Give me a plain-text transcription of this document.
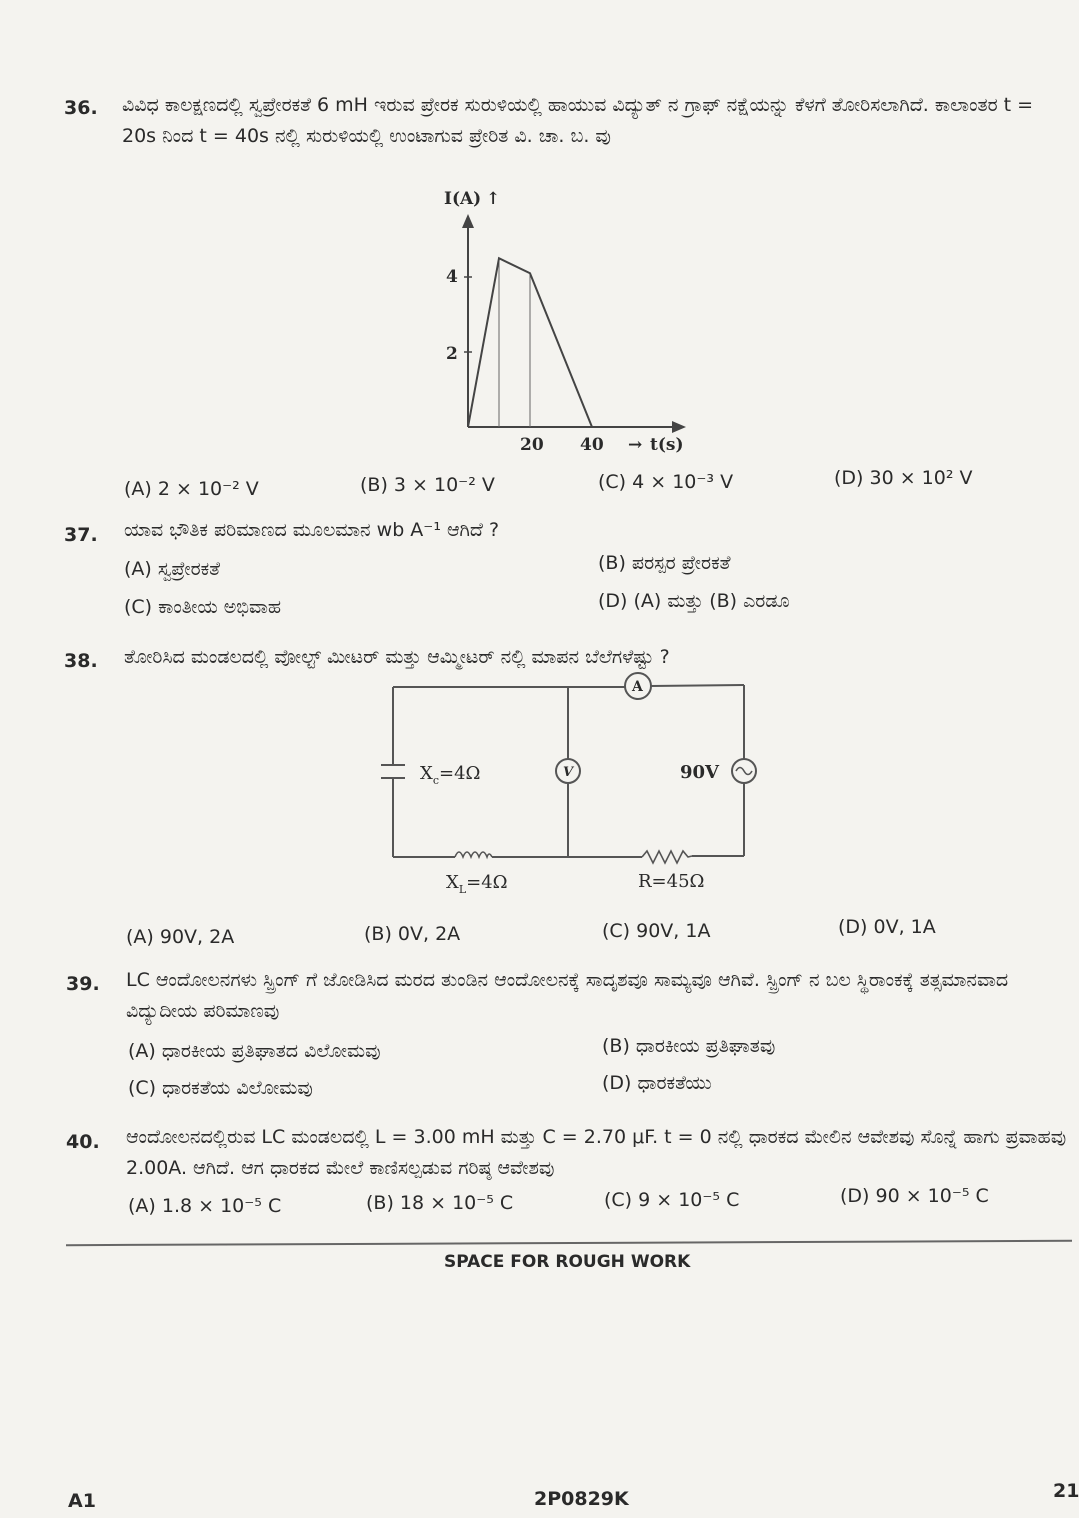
36. ವಿವಿಧ ಕಾಲಕ್ಷಣದಲ್ಲಿ ಸ್ವಪ್ರೇರಕತೆ 6 mH ಇರುವ ಪ್ರೇರಕ ಸುರುಳಿಯಲ್ಲಿ ಹಾಯುವ ವಿದ್ಯುತ್ ನ ಗ್ರಾಫ್ ನಕ್ಷೆಯನ್ನು ಕೆಳಗೆ ತೋರಿಸಲಾಗಿದೆ. ಕಾಲಾಂತರ t = 20s ನಿಂದ t = 40s ನಲ್ಲಿ ಸುರುಳಿಯಲ್ಲಿ ಉಂಟಾಗುವ ಪ್ರೇರಿತ ವಿ. ಚಾ. ಬ. ವು
I(A) ↑
4
2
20 40 → t(s)
(A) 2 × 10⁻² V	(B) 3 × 10⁻² V	(C) 4 × 10⁻³ V	(D) 30 × 10² V
37. ಯಾವ ಭೌತಿಕ ಪರಿಮಾಣದ ಮೂಲಮಾನ wb A⁻¹ ಆಗಿದೆ ?
(A) ಸ್ವಪ್ರೇರಕತೆ	(B) ಪರಸ್ಪರ ಪ್ರೇರಕತೆ
(C) ಕಾಂತೀಯ ಅಭಿವಾಹ	(D) (A) ಮತ್ತು (B) ಎರಡೂ
38. ತೋರಿಸಿದ ಮಂಡಲದಲ್ಲಿ ವೋಲ್ಟ್ ಮೀಟರ್ ಮತ್ತು ಆಮ್ಮೀಟರ್ ನಲ್ಲಿ ಮಾಪನ ಬೆಲೆಗಳೆಷ್ಟು ?
A
V
$X_c=4\Omega$	90V
$X_L=4\Omega$	R=45Ω
(A) 90V, 2A	(B) 0V, 2A	(C) 90V, 1A	(D) 0V, 1A
39. LC ಆಂದೋಲನಗಳು ಸ್ಪ್ರಿಂಗ್ ಗೆ ಜೋಡಿಸಿದ ಮರದ ತುಂಡಿನ ಆಂದೋಲನಕ್ಕೆ ಸಾದೃಶವೂ ಸಾಮ್ಯವೂ ಆಗಿವೆ. ಸ್ಪ್ರಿಂಗ್ ನ ಬಲ ಸ್ಥಿರಾಂಕಕ್ಕೆ ತತ್ಸಮಾನವಾದ ವಿದ್ಯುದೀಯ ಪರಿಮಾಣವು
(A) ಧಾರಕೀಯ ಪ್ರತಿಘಾತದ ವಿಲೋಮವು	(B) ಧಾರಕೀಯ ಪ್ರತಿಘಾತವು
(C) ಧಾರಕತೆಯ ವಿಲೋಮವು	(D) ಧಾರಕತೆಯು
40. ಆಂದೋಲನದಲ್ಲಿರುವ LC ಮಂಡಲದಲ್ಲಿ L = 3.00 mH ಮತ್ತು C = 2.70 μF. t = 0 ನಲ್ಲಿ ಧಾರಕದ ಮೇಲಿನ ಆವೇಶವು ಸೊನ್ನೆ ಹಾಗು ಪ್ರವಾಹವು 2.00A. ಆಗಿದೆ. ಆಗ ಧಾರಕದ ಮೇಲೆ ಕಾಣಿಸಲ್ಪಡುವ ಗರಿಷ್ಠ ಆವೇಶವು
(A) 1.8 × 10⁻⁵ C	(B) 18 × 10⁻⁵ C	(C) 9 × 10⁻⁵ C	(D) 90 × 10⁻⁵ C
SPACE FOR ROUGH WORK
A1	2P0829K	21
